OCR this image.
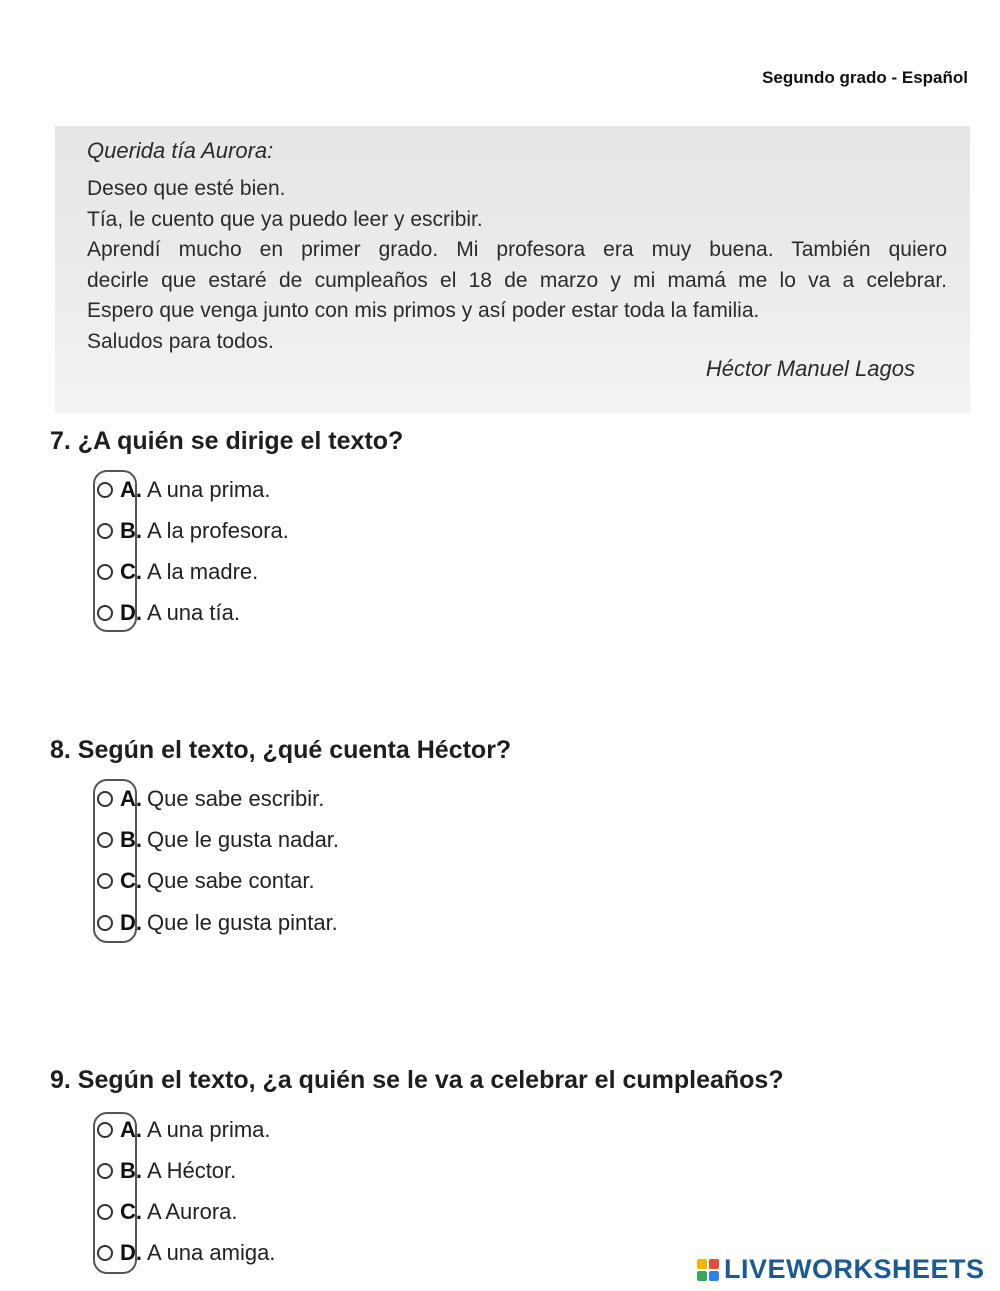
Segundo grado - Español
Querida tía Aurora:
Deseo que esté bien.
Tía, le cuento que ya puedo leer y escribir.
Aprendí mucho en primer grado. Mi profesora era muy buena. También quiero
decirle que estaré de cumpleaños el 18 de marzo y mi mamá me lo va a celebrar.
Espero que venga junto con mis primos y así poder estar toda la familia.
Saludos para todos.
Héctor Manuel Lagos
7. ¿A quién se dirige el texto?
A. A una prima.
B. A la profesora.
C. A la madre.
D. A una tía.
8. Según el texto, ¿qué cuenta Héctor?
A. Que sabe escribir.
B. Que le gusta nadar.
C. Que sabe contar.
D. Que le gusta pintar.
9. Según el texto, ¿a quién se le va a celebrar el cumpleaños?
A. A una prima.
B. A Héctor.
C. A Aurora.
D. A una amiga.
LIVEWORKSHEETS
